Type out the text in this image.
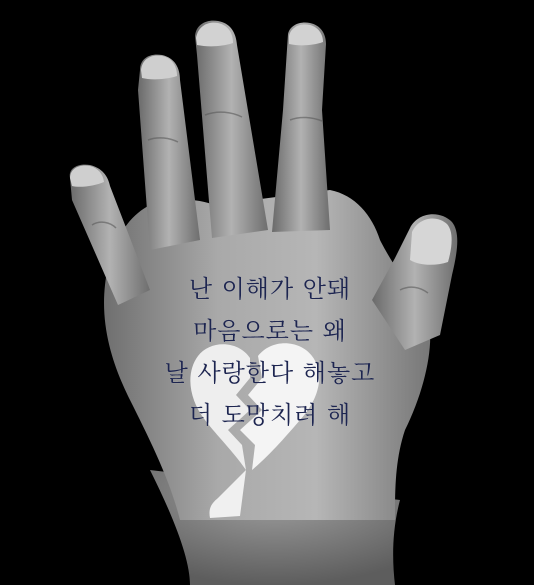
난 이해가 안돼
마음으로는 왜
날 사랑한다 해놓고
더 도망치려 해
